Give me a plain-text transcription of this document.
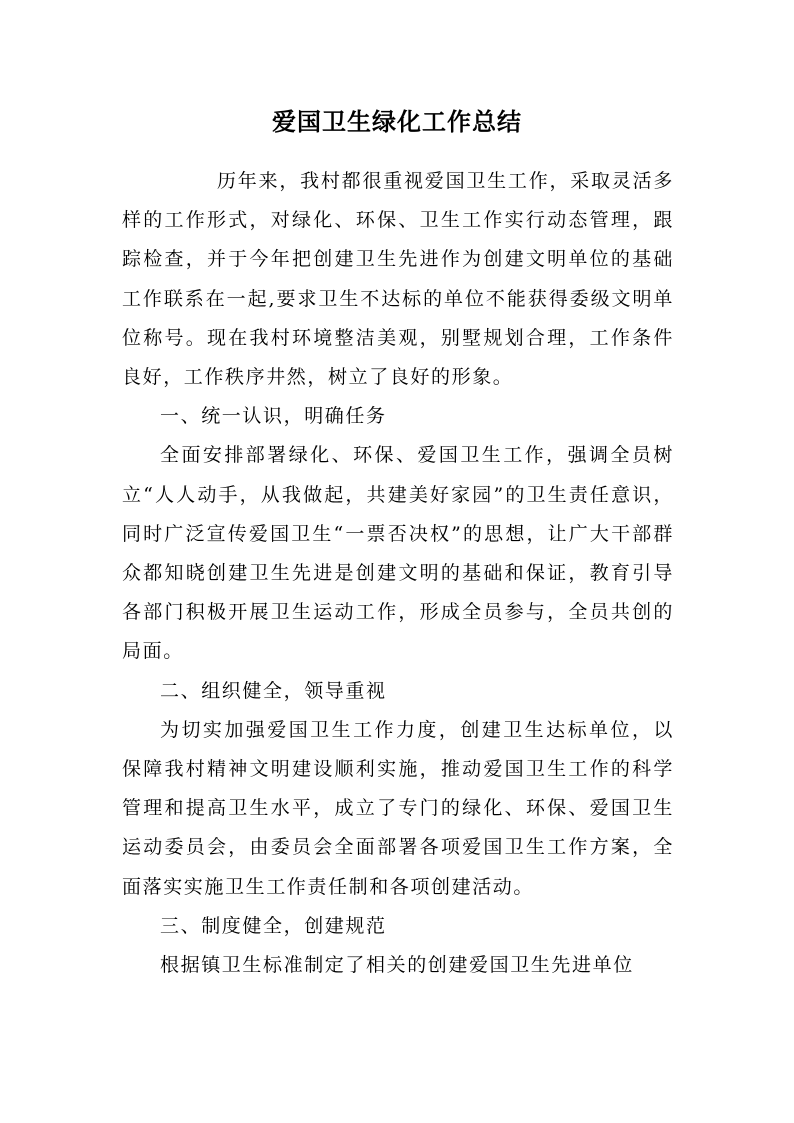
爱国卫生绿化工作总结

历年来，我村都很重视爱国卫生工作，采取灵活多样的工作形式，对绿化、环保、卫生工作实行动态管理，跟踪检查，并于今年把创建卫生先进作为创建文明单位的基础工作联系在一起,要求卫生不达标的单位不能获得委级文明单位称号。现在我村环境整洁美观，别墅规划合理，工作条件良好，工作秩序井然，树立了良好的形象。

一、统一认识，明确任务

全面安排部署绿化、环保、爱国卫生工作，强调全员树立“人人动手，从我做起，共建美好家园”的卫生责任意识，同时广泛宣传爱国卫生“一票否决权”的思想，让广大干部群众都知晓创建卫生先进是创建文明的基础和保证，教育引导各部门积极开展卫生运动工作，形成全员参与，全员共创的局面。

二、组织健全，领导重视

为切实加强爱国卫生工作力度，创建卫生达标单位，以保障我村精神文明建设顺利实施，推动爱国卫生工作的科学管理和提高卫生水平，成立了专门的绿化、环保、爱国卫生运动委员会，由委员会全面部署各项爱国卫生工作方案，全面落实实施卫生工作责任制和各项创建活动。

三、制度健全，创建规范

根据镇卫生标准制定了相关的创建爱国卫生先进单位
